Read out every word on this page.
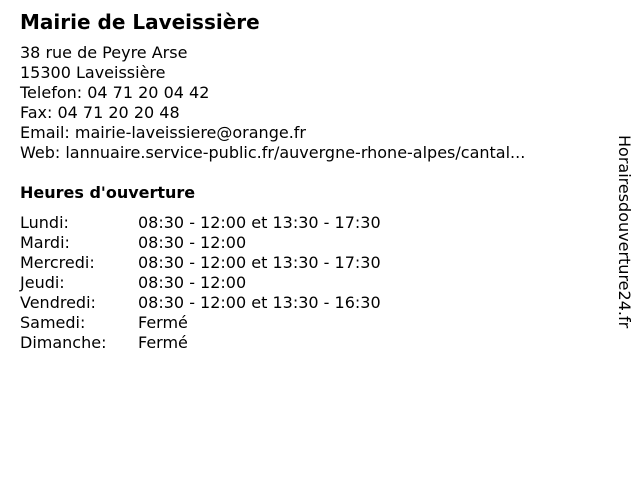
Mairie de Laveissière
38 rue de Peyre Arse
15300 Laveissière
Telefon: 04 71 20 04 42
Fax: 04 71 20 20 48
Email: mairie-laveissiere@orange.fr
Web: lannuaire.service-public.fr/auvergne-rhone-alpes/cantal...
Heures d'ouverture
Lundi:	08:30 - 12:00 et 13:30 - 17:30
Mardi:	08:30 - 12:00
Mercredi:	08:30 - 12:00 et 13:30 - 17:30
Jeudi:	08:30 - 12:00
Vendredi:	08:30 - 12:00 et 13:30 - 16:30
Samedi:	Fermé
Dimanche: Fermé
Horairesdouverture24.fr
